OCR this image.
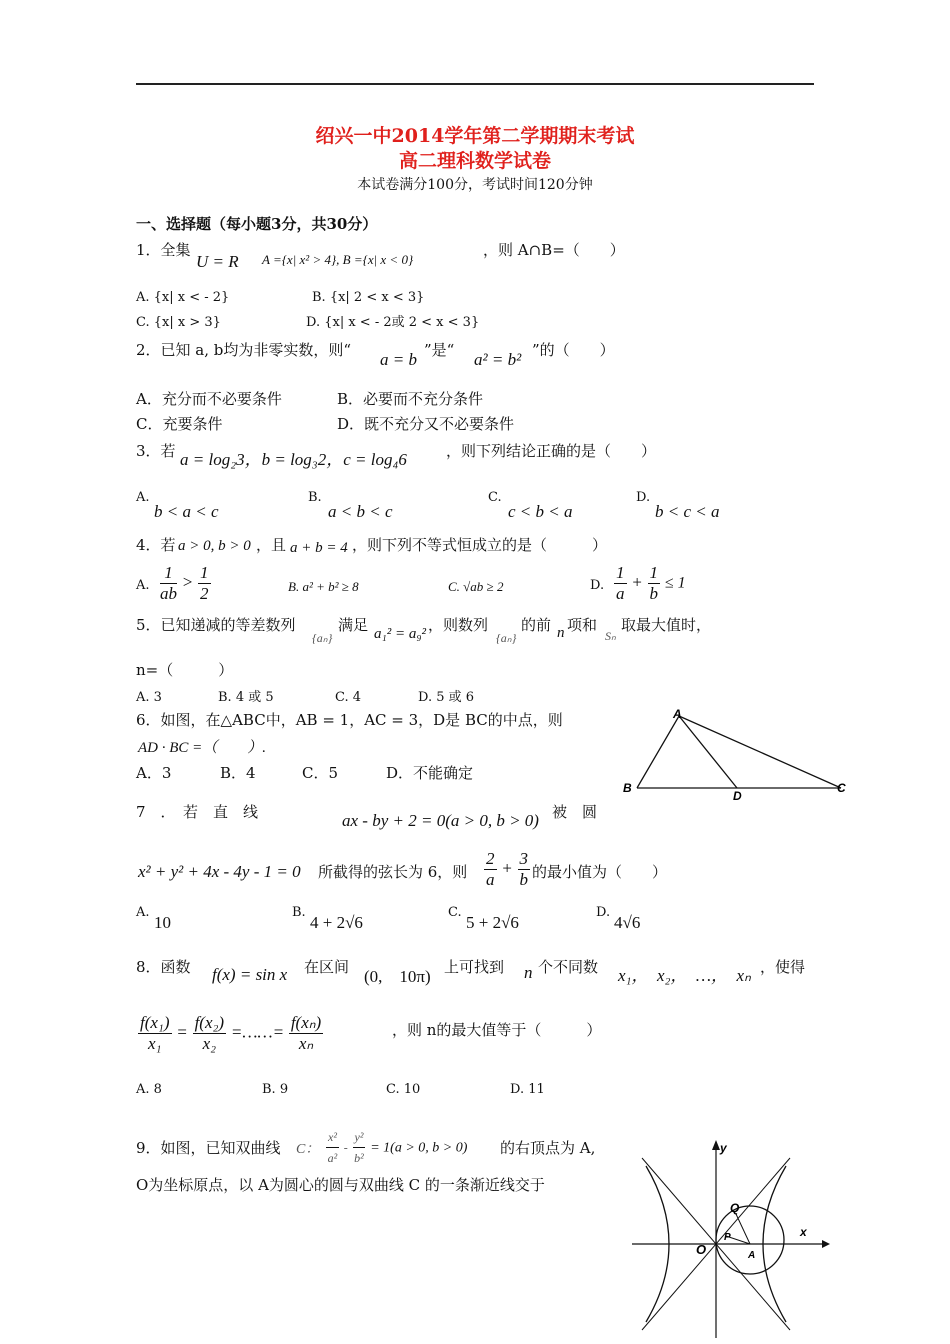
绍兴一中2014学年第二学期期末考试
高二理科数学试卷
本试卷满分100分，考试时间120分钟
一、选择题（每小题3分，共30分）
1．全集
U = R A ={x| x² > 4}, B ={x| x < 0}
，则 A∩B=（　　）
A. {x| x < - 2}	B. {x| 2 < x < 3}
C. {x| x > 3}	D. {x| x < - 2或 2 < x < 3}
2．已知 a, b均为非零实数，则“ a = b ”是“ a² = b² ”的（　　）
A．充分而不必要条件	B．必要而不充分条件
C．充要条件	D．既不充分又不必要条件
3．若 a = log₂3，b = log₃2，c = log₄6	，则下列结论正确的是（　　）
A.
b < a < c
B.
a < b < c
C.
c < b < a
D.
b < c < a
4．若 a > 0, b > 0 ，且 a + b = 4 ，则下列不等式恒成立的是（　　　）
A. $\frac{1}{ab} > \frac{1}{2}$	B. a² + b² ≥ 8	C. √ab ≥ 2	D. $\frac{1}{a} + \frac{1}{b} \le 1$
5．已知递减的等差数列
{aₙ}
满足 a₁² = a₉² ，则数列
{aₙ}
的前 n 项和
Sₙ
取最大值时，
n=（　　　）
A. 3	B. 4 或 5	C. 4	D. 5 或 6
6．如图，在△ABC中，AB = 1，AC = 3，D是 BC的中点，则
AD · BC =（　　）.
A．3	B．4	C．5	D．不能确定
A
B
D
C
7　．　若　直　线	ax - by + 2 = 0(a > 0, b > 0) 被　圆
x² + y² + 4x - 4y - 1 = 0 所截得的弦长为 6，则 $\frac{2}{a} + \frac{3}{b}$ 的最小值为（　　）
A.
10
B.
4 + 2√6
C.
5 + 2√6
D.
4√6
8．函数 f(x) = sin x 在区间 (0,　10π) 上可找到 n 个不同数 x₁，　x₂，　…，　xₙ ，使得
$\frac{\text{f(x₁)}}{\text{x₁}} = \frac{\text{f(x₂)}}{\text{x₂}}$ =……= $\frac{\text{f(xₙ)}}{\text{xₙ}}$	，则 n的最大值等于（　　　）
A. 8	B. 9	C. 10	D. 11
9．如图，已知双曲线 C： $\frac{\text{x²}}{\text{a²}} - \frac{\text{y²}}{\text{b²}} = 1(a > 0$, b > 0) 的右顶点为 A,
O为坐标原点，以 A为圆心的圆与双曲线 C 的一条渐近线交于
y
x
O
Q
P
A
